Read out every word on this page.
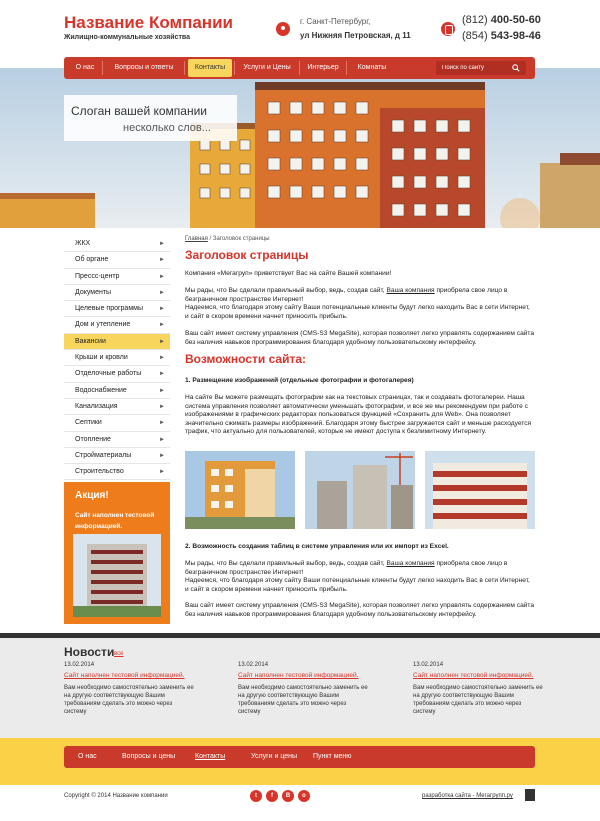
Название Компании
Жилищно-коммунальные хозяйства
г. Санкт-Петербург,
ул Нижняя Петровская, д 11
(812) 400-50-60
(854) 543-98-46
О нас	Вопросы и ответы	Контакты	Услуги и Цены	Интерьер	Комнаты
Поиск по сайту
Слоган вашей компании
несколько слов...
ЖКХ	►
Об органе	►
Прессс-центр	►
Документы	►
Целевые программы	►
Дом и утепление	►
Вакансии	►
Крыши и кровли	►
Отделочные работы	►
Водоснабжение	►
Канализация	►
Септики	►
Отопление	►
Стройматериалы	►
Строительство	►
Акция!
Сайт наполнен тестовой информацией.
Главная / Заголовок страницы
Заголовок страницы

Компания «Мегагруп» приветствует Вас на сайте Вашей компании!

Мы рады, что Вы сделали правильный выбор, ведь, создав сайт, Ваша компания приобрела свое лицо в безграничном пространстве Интернет!
Надеемся, что благодаря этому сайту Ваши потенциальные клиенты будут легко находить Вас в сети Интернет, и сайт в скором времени начнет приносить прибыль.

Ваш сайт имеет систему управления (CMS-S3 MegaSite), которая позволяет легко управлять содержанием сайта без наличия навыков программирования благодаря удобному пользовательскому интерфейсу.

Возможности сайта:
1. Размещение изображений (отдельные фотографии и фотогалерея)

На сайте Вы можете размещать фотографии как на текстовых страницах, так и создавать фотогалереи. Наша система управления позволяет автоматически уменьшать фотографии, и все же мы рекомендуем при работе с изображениями в графических редакторах пользоваться функцией «Сохранить для Web». Она позволяет значительно сжимать размеры изображений. Благодаря этому быстрее загружается сайт и меньше расходуется трафик, что актуально для пользователей, которые не имеют доступа к безлимитному Интернету.

2. Возможность создания таблиц в системе управления или их импорт из Excel.

Мы рады, что Вы сделали правильный выбор, ведь, создав сайт, Ваша компания приобрела свое лицо в безграничном пространстве Интернет!
Надеемся, что благодаря этому сайту Ваши потенциальные клиенты будут легко находить Вас в сети Интернет, и сайт в скором времени начнет приносить прибыль.

Ваш сайт имеет систему управления (CMS-S3 MegaSite), которая позволяет легко управлять содержанием сайта без наличия навыков программирования благодаря удобному пользовательскому интерфейсу.

Новости все
13.02.2014
Сайт наполнен тестовой информацией.
Вам необходимо самостоятельно заменить ее на другую соответствующую Вашим требованиям сделать это можно через систему
13.02.2014
Сайт наполнен тестовой информацией.
Вам необходимо самостоятельно заменить ее на другую соответствующую Вашим требованиям сделать это можно через систему
13.02.2014
Сайт наполнен тестовой информацией.
Вам необходимо самостоятельно заменить ее на другую соответствующую Вашим требованиям сделать это можно через систему
О нас	Вопросы и цены	Контакты	Услуги и цены Пункт меню
Copyright © 2014 Название компании	t	f	B	o	разработка сайта - Мегагрупп.ру
